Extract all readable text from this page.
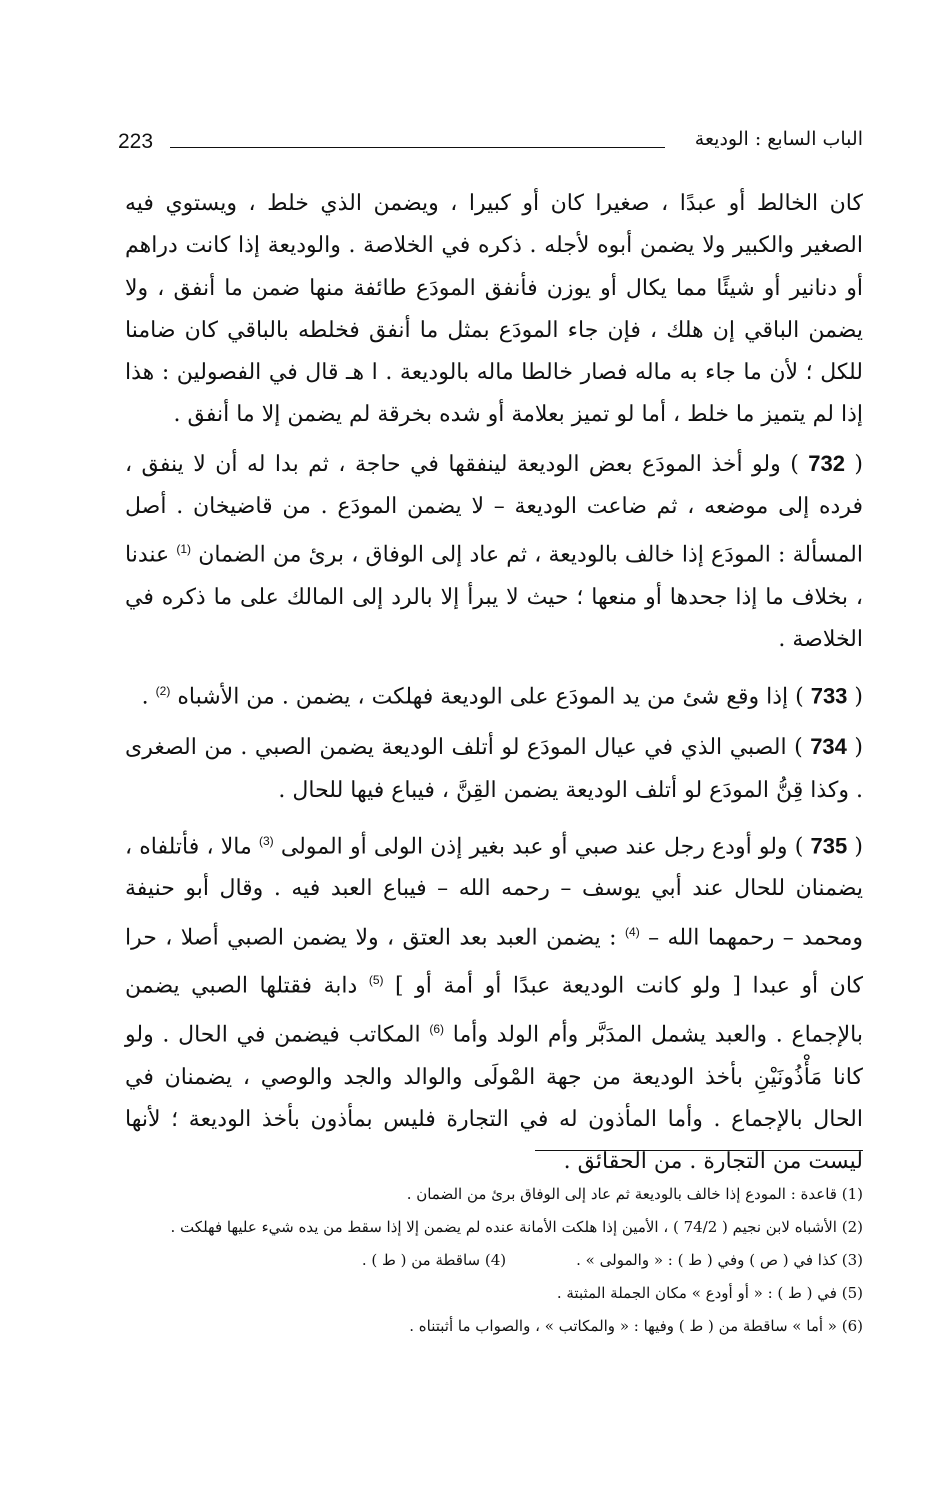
223	الباب السابع : الوديعة

كان الخالط أو عبدًا ، صغيرا كان أو كبيرا ، ويضمن الذي خلط ، ويستوي فيه الصغير والكبير ولا يضمن أبوه لأجله . ذكره في الخلاصة . والوديعة إذا كانت دراهم أو دنانير أو شيئًا مما يكال أو يوزن فأنفق المودَع طائفة منها ضمن ما أنفق ، ولا يضمن الباقي إن هلك ، فإن جاء المودَع بمثل ما أنفق فخلطه بالباقي كان ضامنا للكل ؛ لأن ما جاء به ماله فصار خالطا ماله بالوديعة . ا هـ قال في الفصولين : هذا إذا لم يتميز ما خلط ، أما لو تميز بعلامة أو شده بخرقة لم يضمن إلا ما أنفق .

( 732 ) ولو أخذ المودَع بعض الوديعة لينفقها في حاجة ، ثم بدا له أن لا ينفق ، فرده إلى موضعه ، ثم ضاعت الوديعة – لا يضمن المودَع . من قاضيخان . أصل المسألة : المودَع إذا خالف بالوديعة ، ثم عاد إلى الوفاق ، برئ من الضمان $^{(1)}$ عندنا ، بخلاف ما إذا جحدها أو منعها ؛ حيث لا يبرأ إلا بالرد إلى المالك على ما ذكره في الخلاصة .

( 733 ) إذا وقع شئ من يد المودَع على الوديعة فهلكت ، يضمن . من الأشباه $^{(2)}$ .

( 734 ) الصبي الذي في عيال المودَع لو أتلف الوديعة يضمن الصبي . من الصغرى . وكذا قِنُّ المودَع لو أتلف الوديعة يضمن القِنَّ ، فيباع فيها للحال .

( 735 ) ولو أودع رجل عند صبي أو عبد بغير إذن الولى أو المولى $^{(3)}$ مالا ، فأتلفاه ، يضمنان للحال عند أبي يوسف – رحمه الله – فيباع العبد فيه . وقال أبو حنيفة ومحمد – رحمهما الله – $^{(4)}$ : يضمن العبد بعد العتق ، ولا يضمن الصبي أصلا ، حرا كان أو عبدا [ ولو كانت الوديعة عبدًا أو أمة أو ] $^{(5)}$ دابة فقتلها الصبي يضمن بالإجماع . والعبد يشمل المدَبَّر وأم الولد وأما $^{(6)}$ المكاتب فيضمن في الحال . ولو كانا مَأْذُونَيْنِ بأخذ الوديعة من جهة المْولَى والوالد والجد والوصي ، يضمنان في الحال بالإجماع . وأما المأذون له في التجارة فليس بمأذون بأخذ الوديعة ؛ لأنها ليست من التجارة . من الحقائق .

(1) قاعدة : المودع إذا خالف بالوديعة ثم عاد إلى الوفاق برئ من الضمان .

(2) الأشباه لابن نجيم ( 74/2 ) ، الأمين إذا هلكت الأمانة عنده لم يضمن إلا إذا سقط من يده شيء عليها فهلكت .

(3) كذا في ( ص ) وفي ( ط ) : « والمولى » .
(4) ساقطة من ( ط ) .

(5) في ( ط ) : « أو أودع » مكان الجملة المثبتة .

(6) « أما » ساقطة من ( ط ) وفيها : « والمكاتب » ، والصواب ما أثبتناه .
